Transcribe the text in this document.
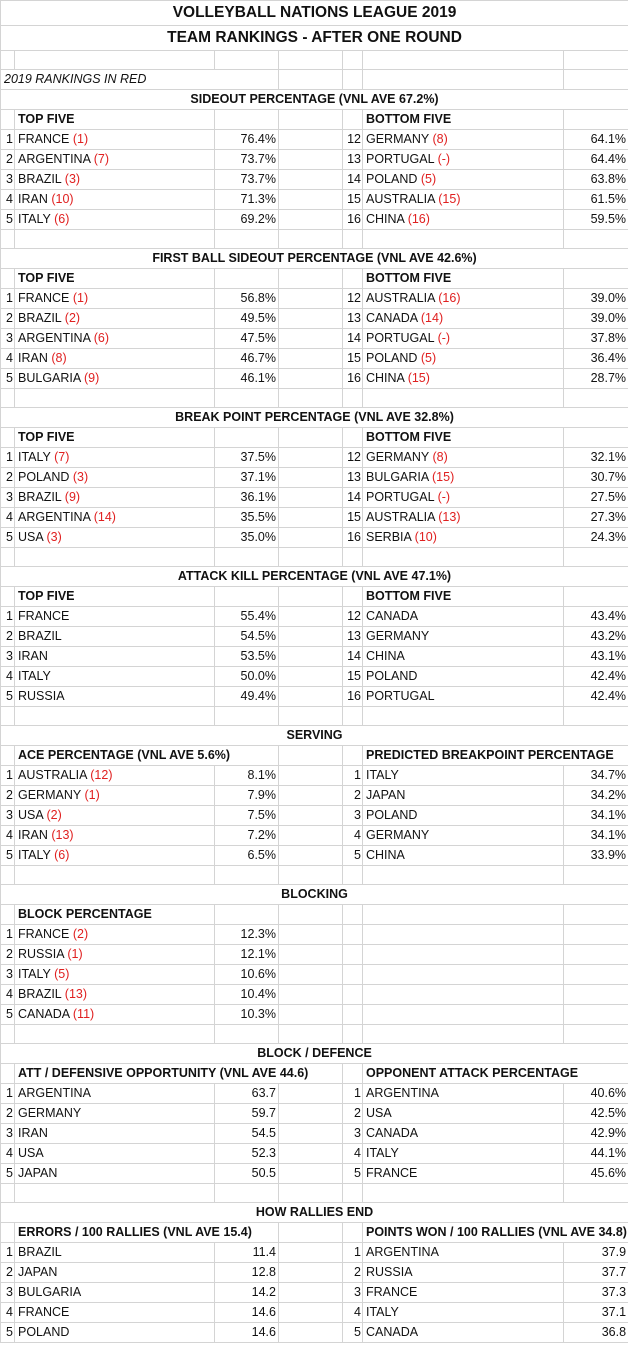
VOLLEYBALL NATIONS LEAGUE 2019						
TEAM RANKINGS - AFTER ONE ROUND						

2019 RANKINGS IN RED						
SIDEOUT PERCENTAGE (VNL AVE 67.2%)						
	TOP FIVE				BOTTOM FIVE	
1	FRANCE (1)	76.4%		12	GERMANY (8)	64.1%
2	ARGENTINA (7)	73.7%		13	PORTUGAL (-)	64.4%
3	BRAZIL (3)	73.7%		14	POLAND (5)	63.8%
4	IRAN (10)	71.3%		15	AUSTRALIA (15)	61.5%
5	ITALY (6)	69.2%		16	CHINA (16)	59.5%

FIRST BALL SIDEOUT PERCENTAGE (VNL AVE 42.6%)						
	TOP FIVE				BOTTOM FIVE	
1	FRANCE (1)	56.8%		12	AUSTRALIA (16)	39.0%
2	BRAZIL (2)	49.5%		13	CANADA (14)	39.0%
3	ARGENTINA (6)	47.5%		14	PORTUGAL (-)	37.8%
4	IRAN (8)	46.7%		15	POLAND (5)	36.4%
5	BULGARIA (9)	46.1%		16	CHINA (15)	28.7%

BREAK POINT PERCENTAGE (VNL AVE 32.8%)						
	TOP FIVE				BOTTOM FIVE	
1	ITALY (7)	37.5%		12	GERMANY (8)	32.1%
2	POLAND (3)	37.1%		13	BULGARIA (15)	30.7%
3	BRAZIL (9)	36.1%		14	PORTUGAL (-)	27.5%
4	ARGENTINA (14)	35.5%		15	AUSTRALIA (13)	27.3%
5	USA (3)	35.0%		16	SERBIA (10)	24.3%

ATTACK KILL PERCENTAGE (VNL AVE 47.1%)						
	TOP FIVE				BOTTOM FIVE	
1	FRANCE	55.4%		12	CANADA	43.4%
2	BRAZIL	54.5%		13	GERMANY	43.2%
3	IRAN	53.5%		14	CHINA	43.1%
4	ITALY	50.0%		15	POLAND	42.4%
5	RUSSIA	49.4%		16	PORTUGAL	42.4%

SERVING						
	ACE PERCENTAGE (VNL AVE 5.6%)				PREDICTED BREAKPOINT PERCENTAGE	
1	AUSTRALIA (12)	8.1%		1	ITALY	34.7%
2	GERMANY (1)	7.9%		2	JAPAN	34.2%
3	USA (2)	7.5%		3	POLAND	34.1%
4	IRAN (13)	7.2%		4	GERMANY	34.1%
5	ITALY (6)	6.5%		5	CHINA	33.9%

BLOCKING						
	BLOCK PERCENTAGE					
1	FRANCE (2)	12.3%				
2	RUSSIA (1)	12.1%				
3	ITALY (5)	10.6%				
4	BRAZIL (13)	10.4%				
5	CANADA (11)	10.3%				

BLOCK / DEFENCE						
	ATT / DEFENSIVE OPPORTUNITY (VNL AVE 44.6)				OPPONENT ATTACK PERCENTAGE	
1	ARGENTINA	63.7		1	ARGENTINA	40.6%
2	GERMANY	59.7		2	USA	42.5%
3	IRAN	54.5		3	CANADA	42.9%
4	USA	52.3		4	ITALY	44.1%
5	JAPAN	50.5		5	FRANCE	45.6%

HOW RALLIES END						
	ERRORS / 100 RALLIES (VNL AVE 15.4)				POINTS WON / 100 RALLIES (VNL AVE 34.8)	
1	BRAZIL	11.4		1	ARGENTINA	37.9
2	JAPAN	12.8		2	RUSSIA	37.7
3	BULGARIA	14.2		3	FRANCE	37.3
4	FRANCE	14.6		4	ITALY	37.1
5	POLAND	14.6		5	CANADA	36.8
